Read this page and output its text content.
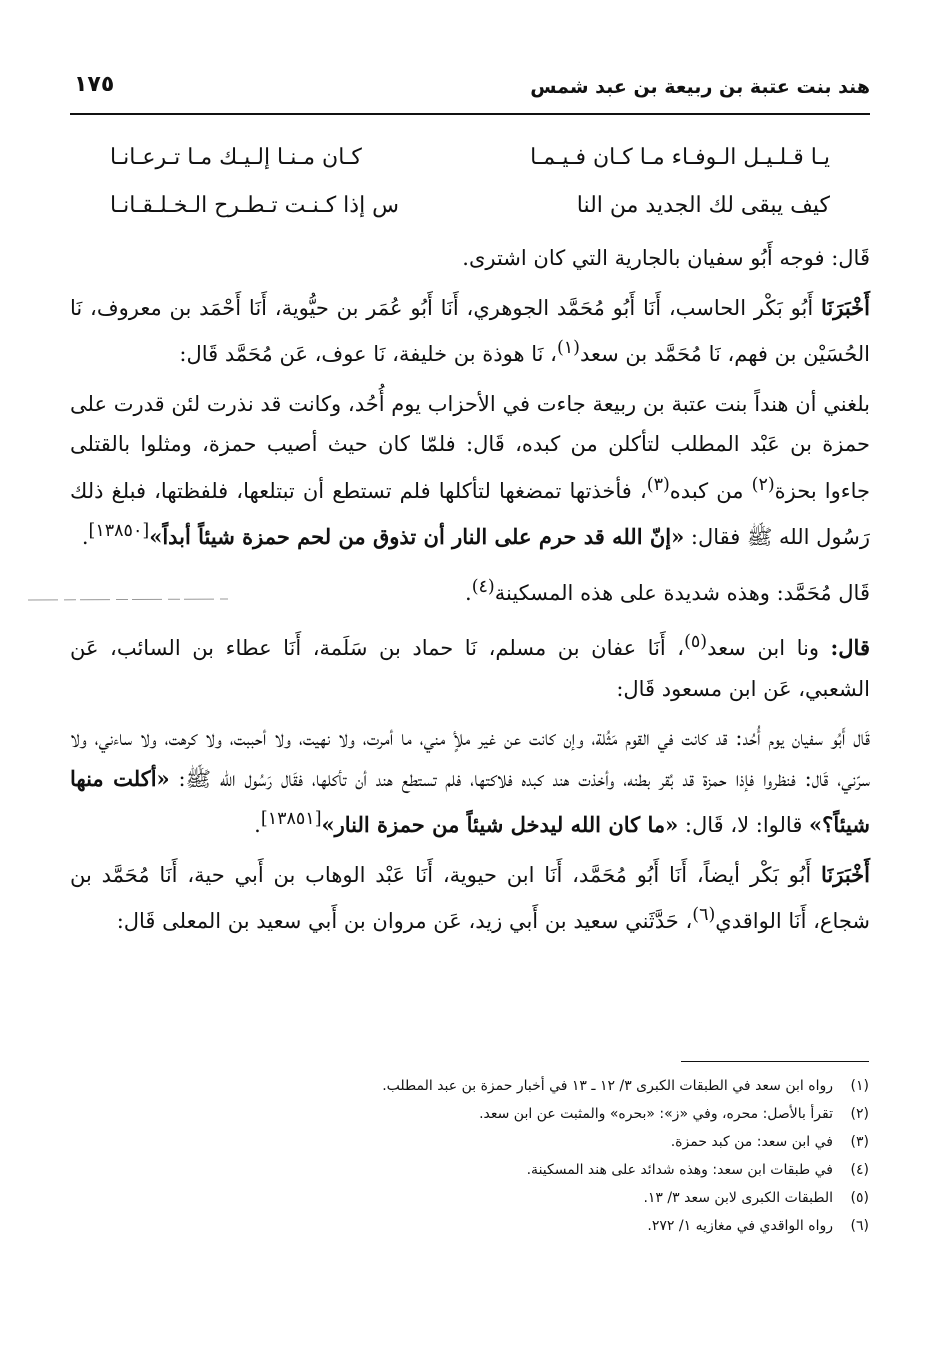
هند بنت عتبة بن ربيعة بن عبد شمس
١٧٥
يـا قـلـيـل الـوفـاء مـا كـان فـيـمـا
كـان مـنـا إلـيـك مـا تـرعـانـا
كيف يبقى لك الجديد من النا
س إذا كـنـت تـطـرح الـخـلـقـانـا

قَال: فوجه أَبُو سفيان بالجارية التي كان اشترى.

أَخْبَرَنَا أَبُو بَكْر الحاسب، أَنَا أَبُو مُحَمَّد الجوهري، أَنَا أَبُو عُمَر بن حيُّوية، أَنَا أَحْمَد بن معروف، نَا الحُسَيْن بن فهم، نَا مُحَمَّد بن سعد$^{(١)}$، نَا هوذة بن خليفة، نَا عوف، عَن مُحَمَّد قَال:

بلغني أن هنداً بنت عتبة بن ربيعة جاءت في الأحزاب يوم أُحُد، وكانت قد نذرت لئن قدرت على حمزة بن عَبْد المطلب لتأكلن من كبده، قَال: فلمّا كان حيث أصيب حمزة، ومثلوا بالقتلى جاءوا بحزة$^{(٢)}$ من كبده$^{(٣)}$، فأخذتها تمضغها لتأكلها فلم تستطع أن تبتلعها، فلفظتها، فبلغ ذلك رَسُول الله ﷺ فقال: «إنّ الله قد حرم على النار أن تذوق من لحم حمزة شيئاً أبداً»[١٣٨٥٠].

قَال مُحَمَّد: وهذه شديدة على هذه المسكينة$^{(٤)}$.

قال: ونا ابن سعد$^{(٥)}$، أَنَا عفان بن مسلم، نَا حماد بن سَلَمة، أَنَا عطاء بن السائب، عَن الشعبي، عَن ابن مسعود قَال:

قَال أَبُو سفيان يوم أُحُد: قد كانت في القوم مَثُلة، وإن كانت عن غير ملأٍ مني، ما أمرت، ولا نهيت، ولا أحببت، ولا كرهت، ولا ساءني، ولا سرّني، قَال: فنظروا فإذا حمزة قد بُقر بطنه، وأخذت هند كبده فلاكتها، فلم تستطع هند أن تأكلها، فقَال رَسُول الله ﷺ: «أكلت منها شيئاً؟» قالوا: لا، قَال: «ما كان الله ليدخل شيئاً من حمزة النار»[١٣٨٥١].

أَخْبَرَنَا أَبُو بَكْر أيضاً، أَنَا أَبُو مُحَمَّد، أَنَا ابن حيوية، أَنَا عَبْد الوهاب بن أَبي حية، أَنَا مُحَمَّد بن شجاع، أَنَا الواقدي$^{(٦)}$، حَدَّثَني سعيد بن أَبي زيد، عَن مروان بن أَبي سعيد بن المعلى قَال:

(١)رواه ابن سعد في الطبقات الكبرى ٣/ ١٢ ـ ١٣ في أخبار حمزة بن عبد المطلب.
(٢)تقرأ بالأصل: محره، وفي «ز»: «بحره» والمثبت عن ابن سعد.
(٣)في ابن سعد: من كبد حمزة.
(٤)في طبقات ابن سعد: وهذه شدائد على هند المسكينة.
(٥)الطبقات الكبرى لابن سعد ٣/ ١٣.
(٦)رواه الواقدي في مغازيه ١/ ٢٧٢.
